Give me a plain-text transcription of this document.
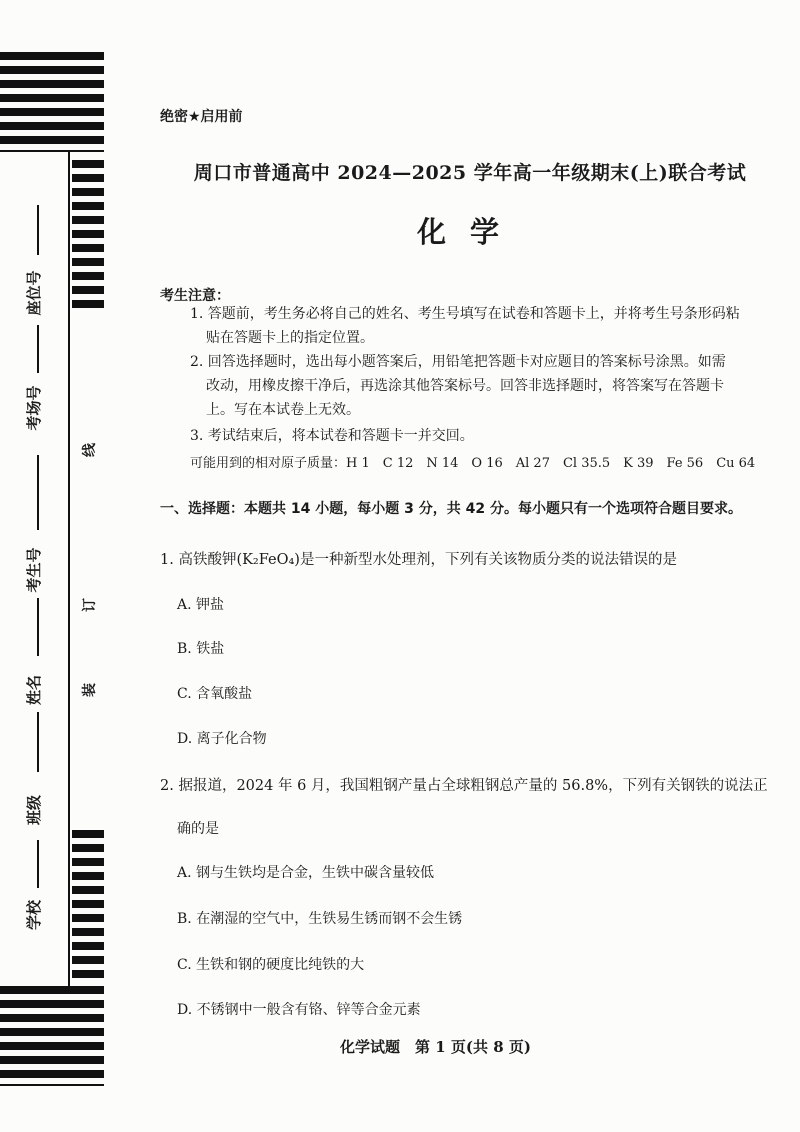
座位号
考场号
考生号
姓名
班级
学校
线
订
装
绝密★启用前
周口市普通高中 2024—2025 学年高一年级期末(上)联合考试
化学
考生注意：
1. 答题前，考生务必将自己的姓名、考生号填写在试卷和答题卡上，并将考生号条形码粘
贴在答题卡上的指定位置。
2. 回答选择题时，选出每小题答案后，用铅笔把答题卡对应题目的答案标号涂黑。如需
改动，用橡皮擦干净后，再选涂其他答案标号。回答非选择题时，将答案写在答题卡
上。写在本试卷上无效。
3. 考试结束后，将本试卷和答题卡一并交回。
可能用到的相对原子质量：H 1　C 12　N 14　O 16　Al 27　Cl 35.5　K 39　Fe 56　Cu 64
一、选择题：本题共 14 小题，每小题 3 分，共 42 分。每小题只有一个选项符合题目要求。
1. 高铁酸钾(K₂FeO₄)是一种新型水处理剂，下列有关该物质分类的说法错误的是
A. 钾盐
B. 铁盐
C. 含氧酸盐
D. 离子化合物
2. 据报道，2024 年 6 月，我国粗钢产量占全球粗钢总产量的 56.8%，下列有关钢铁的说法正
确的是
A. 钢与生铁均是合金，生铁中碳含量较低
B. 在潮湿的空气中，生铁易生锈而钢不会生锈
C. 生铁和钢的硬度比纯铁的大
D. 不锈钢中一般含有铬、锌等合金元素
化学试题　第 1 页(共 8 页)
